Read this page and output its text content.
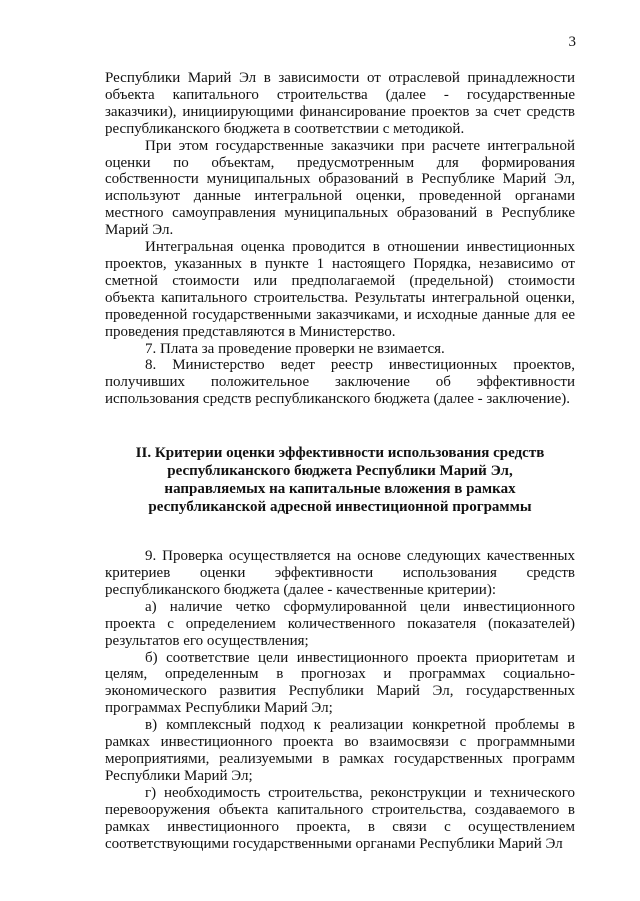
3

Республики Марий Эл в зависимости от отраслевой принадлежности объекта капитального строительства (далее - государственные заказчики), инициирующими финансирование проектов за счет средств республиканского бюджета в соответствии с методикой.

При этом государственные заказчики при расчете интегральной оценки по объектам, предусмотренным для формирования собственности муниципальных образований в Республике Марий Эл, используют данные интегральной оценки, проведенной органами местного самоуправления муниципальных образований в Республике Марий Эл.

Интегральная оценка проводится в отношении инвестиционных проектов, указанных в пункте 1 настоящего Порядка, независимо от сметной стоимости или предполагаемой (предельной) стоимости объекта капитального строительства. Результаты интегральной оценки, проведенной государственными заказчиками, и исходные данные для ее проведения представляются в Министерство.

7. Плата за проведение проверки не взимается.

8. Министерство ведет реестр инвестиционных проектов, получивших положительное заключение об эффективности использования средств республиканского бюджета (далее - заключение).

II. Критерии оценки эффективности использования средств
республиканского бюджета Республики Марий Эл,
направляемых на капитальные вложения в рамках
республиканской адресной инвестиционной программы

9. Проверка осуществляется на основе следующих качественных критериев оценки эффективности использования средств республиканского бюджета (далее - качественные критерии):

а) наличие четко сформулированной цели инвестиционного проекта с определением количественного показателя (показателей) результатов его осуществления;

б) соответствие цели инвестиционного проекта приоритетам и целям, определенным в прогнозах и программах социально-экономического развития Республики Марий Эл, государственных программах Республики Марий Эл;

в) комплексный подход к реализации конкретной проблемы в рамках инвестиционного проекта во взаимосвязи с программными мероприятиями, реализуемыми в рамках государственных программ Республики Марий Эл;

г) необходимость строительства, реконструкции и технического перевооружения объекта капитального строительства, создаваемого в рамках инвестиционного проекта, в связи с осуществлением соответствующими государственными органами Республики Марий Эл
